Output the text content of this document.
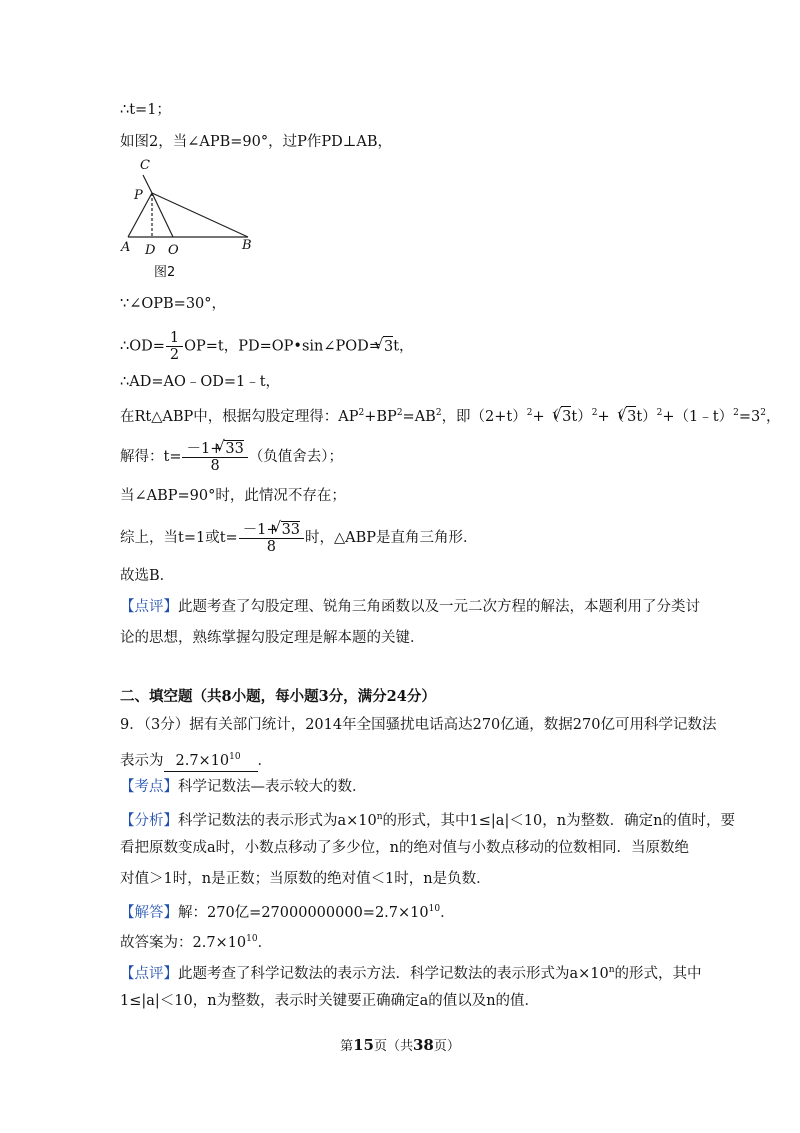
∴t=1；
如图2，当∠APB=90°，过P作PD⊥AB，
C
P
A D O	B
图2
∵∠OPB=30°，
∴OD= $\frac{1}{2} OP=t$，PD=OP•sin∠POD=√ 3t，
∴AD=AO﹣OD=1﹣t，
在Rt△ABP中，根据勾股定理得：$AP^2+BP^2=AB^2$，即$(2+t)^2+(√$ 3t）$^2$+（√ $3t)^2+(1﹣t)^2=3^2$，
解得：$t= \frac{-1+√ 33}{8}$ （负值舍去）；
当∠ABP=90°时，此情况不存在；
综上，当t=1或$t= \frac{-1+√ 33}{8}$ 时，△ABP是直角三角形．
故选B．
【点评】此题考查了勾股定理、锐角三角函数以及一元二次方程的解法，本题利用了分类讨
论的思想，熟练掌握勾股定理是解本题的关键．
二、填空题（共8小题，每小题3分，满分24分）
9．（3分）据有关部门统计，2014年全国骚扰电话高达270亿通，数据270亿可用科学记数法
表示为 $2.7\times 10^{10}$ ．
【考点】科学记数法—表示较大的数．
【分析】科学记数法的表示形式为$a\times 10^n$的形式，其中1≤|a|＜10，n为整数．确定n的值时，要
看把原数变成a时，小数点移动了多少位，n的绝对值与小数点移动的位数相同．当原数绝
对值＞1时，n是正数；当原数的绝对值＜1时，n是负数．
【解答】解：270亿$=27000000000=2.7\times 10^{10}$．
故答案为：$2.7\times 10^{10}$．
【点评】此题考查了科学记数法的表示方法．科学记数法的表示形式为$a\times 10^n$的形式，其中
1≤|a|＜10，n为整数，表示时关键要正确确定a的值以及n的值．
第15页（共38页）
